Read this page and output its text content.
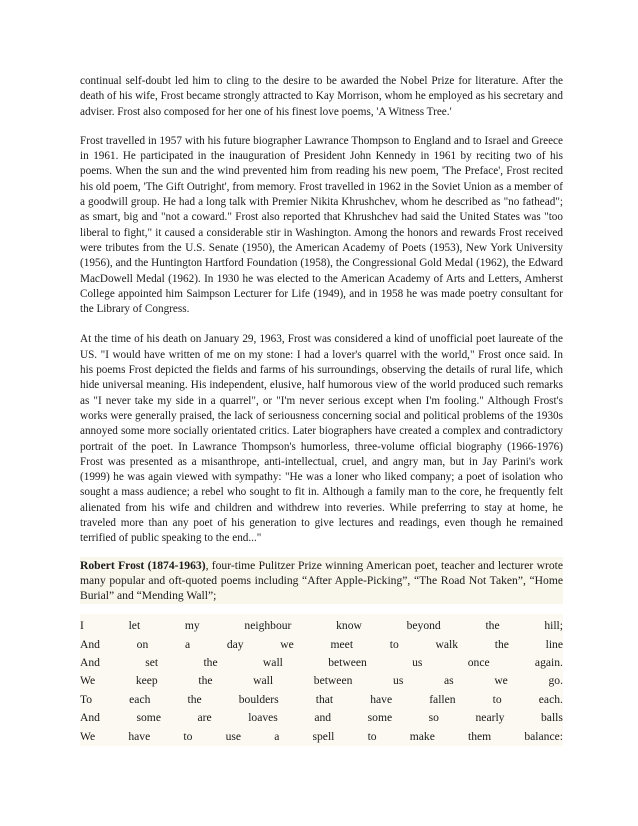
continual self-doubt led him to cling to the desire to be awarded the Nobel Prize for literature. After the death of his wife, Frost became strongly attracted to Kay Morrison, whom he employed as his secretary and adviser. Frost also composed for her one of his finest love poems, 'A Witness Tree.'

Frost travelled in 1957 with his future biographer Lawrance Thompson to England and to Israel and Greece in 1961. He participated in the inauguration of President John Kennedy in 1961 by reciting two of his poems. When the sun and the wind prevented him from reading his new poem, 'The Preface', Frost recited his old poem, 'The Gift Outright', from memory. Frost travelled in 1962 in the Soviet Union as a member of a goodwill group. He had a long talk with Premier Nikita Khrushchev, whom he described as "no fathead"; as smart, big and "not a coward." Frost also reported that Khrushchev had said the United States was "too liberal to fight," it caused a considerable stir in Washington. Among the honors and rewards Frost received were tributes from the U.S. Senate (1950), the American Academy of Poets (1953), New York University (1956), and the Huntington Hartford Foundation (1958), the Congressional Gold Medal (1962), the Edward MacDowell Medal (1962). In 1930 he was elected to the American Academy of Arts and Letters, Amherst College appointed him Saimpson Lecturer for Life (1949), and in 1958 he was made poetry consultant for the Library of Congress.

At the time of his death on January 29, 1963, Frost was considered a kind of unofficial poet laureate of the US. "I would have written of me on my stone: I had a lover's quarrel with the world," Frost once said. In his poems Frost depicted the fields and farms of his surroundings, observing the details of rural life, which hide universal meaning. His independent, elusive, half humorous view of the world produced such remarks as "I never take my side in a quarrel", or "I'm never serious except when I'm fooling." Although Frost's works were generally praised, the lack of seriousness concerning social and political problems of the 1930s annoyed some more socially orientated critics. Later biographers have created a complex and contradictory portrait of the poet. In Lawrance Thompson's humorless, three-volume official biography (1966-1976) Frost was presented as a misanthrope, anti-intellectual, cruel, and angry man, but in Jay Parini's work (1999) he was again viewed with sympathy: "He was a loner who liked company; a poet of isolation who sought a mass audience; a rebel who sought to fit in. Although a family man to the core, he frequently felt alienated from his wife and children and withdrew into reveries. While preferring to stay at home, he traveled more than any poet of his generation to give lectures and readings, even though he remained terrified of public speaking to the end..."

Robert Frost (1874-1963), four-time Pulitzer Prize winning American poet, teacher and lecturer wrote many popular and oft-quoted poems including “After Apple-Picking”, “The Road Not Taken”, “Home Burial” and “Mending Wall”;

I	let	my	neighbour	know	beyond	the	hill;
And	on	a	day	we	meet	to	walk	the	line
And	set	the	wall	between	us	once	again.
We	keep	the	wall	between	us	as	we	go.
To	each	the	boulders	that	have	fallen	to	each.
And	some	are	loaves	and	some	so	nearly	balls
We	have	to	use	a	spell	to	make	them	balance:
